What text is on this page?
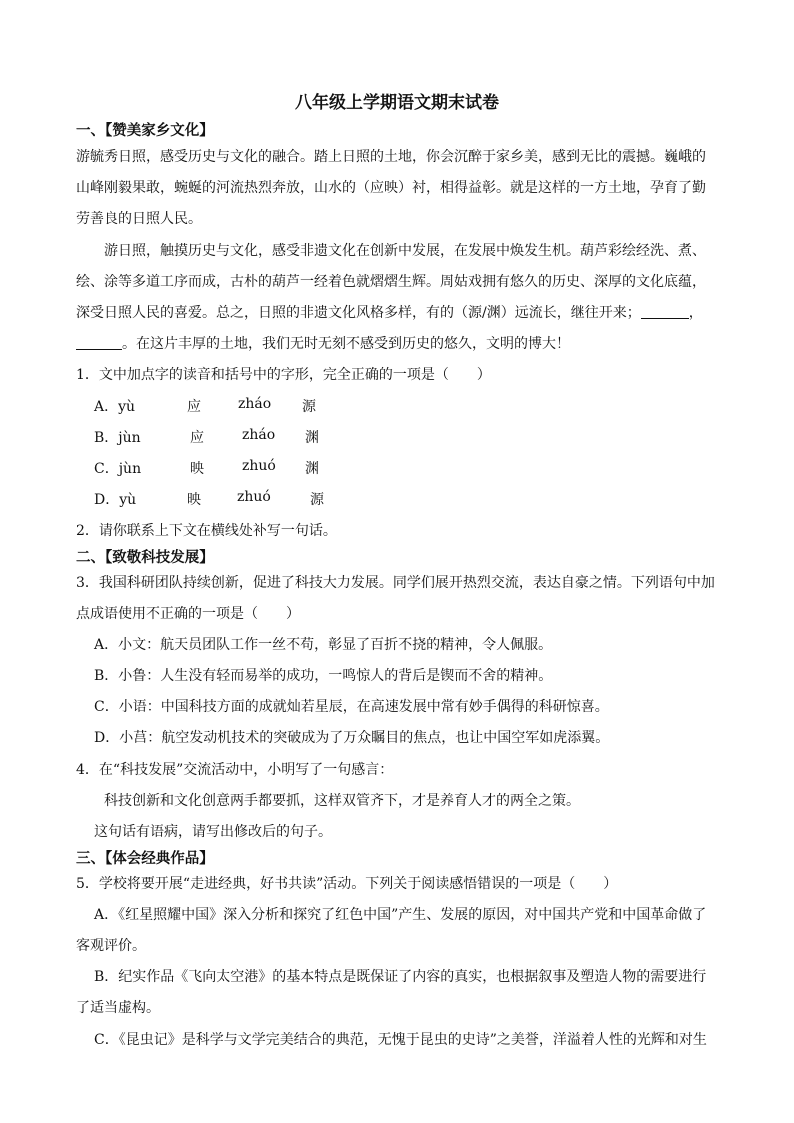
八年级上学期语文期末试卷
一、【赞美家乡文化】
游毓秀日照，感受历史与文化的融合。踏上日照的土地，你会沉醉于家乡美，感到无比的震撼。巍峨的
山峰刚毅果敢，蜿蜒的河流热烈奔放，山水的（应映）衬，相得益彰。就是这样的一方土地，孕育了勤
劳善良的日照人民。
游日照，触摸历史与文化，感受非遗文化在创新中发展，在发展中焕发生机。葫芦彩绘经洗、煮、
绘、涂等多道工序而成，古朴的葫芦一经着色就熠熠生辉。周姑戏拥有悠久的历史、深厚的文化底蕴，
深受日照人民的喜爱。总之，日照的非遗文化风格多样，有的（源/渊）远流长，继往开来；	，
。在这片丰厚的土地，我们无时无刻不感受到历史的悠久，文明的博大！
1．文中加点字的读音和括号中的字形，完全正确的一项是（　　）
A．yù	应	zháo 源
B．jùn	应	zháo 渊
C．jùn	映	zhuó 渊
D．yù	映	zhuó	源
2．请你联系上下文在横线处补写一句话。
二、【致敬科技发展】
3．我国科研团队持续创新，促进了科技大力发展。同学们展开热烈交流，表达自豪之情。下列语句中加
点成语使用不正确的一项是（　　）
A．小文：航天员团队工作一丝不苟，彰显了百折不挠的精神，令人佩服。
B．小鲁：人生没有轻而易举的成功，一鸣惊人的背后是锲而不舍的精神。
C．小语：中国科技方面的成就灿若星辰，在高速发展中常有妙手偶得的科研惊喜。
D．小莒：航空发动机技术的突破成为了万众瞩目的焦点，也让中国空军如虎添翼。
4．在“科技发展”交流活动中，小明写了一句感言：
科技创新和文化创意两手都要抓，这样双管齐下，才是养育人才的两全之策。
这句话有语病，请写出修改后的句子。
三、【体会经典作品】
5．学校将要开展“走进经典，好书共读”活动。下列关于阅读感悟错误的一项是（　　）
A．《红星照耀中国》深入分析和探究了红色中国”产生、发展的原因，对中国共产党和中国革命做了
客观评价。
B．纪实作品《飞向太空港》的基本特点是既保证了内容的真实，也根据叙事及塑造人物的需要进行
了适当虚构。
C．《昆虫记》是科学与文学完美结合的典范，无愧于昆虫的史诗”之美誉，洋溢着人性的光辉和对生
